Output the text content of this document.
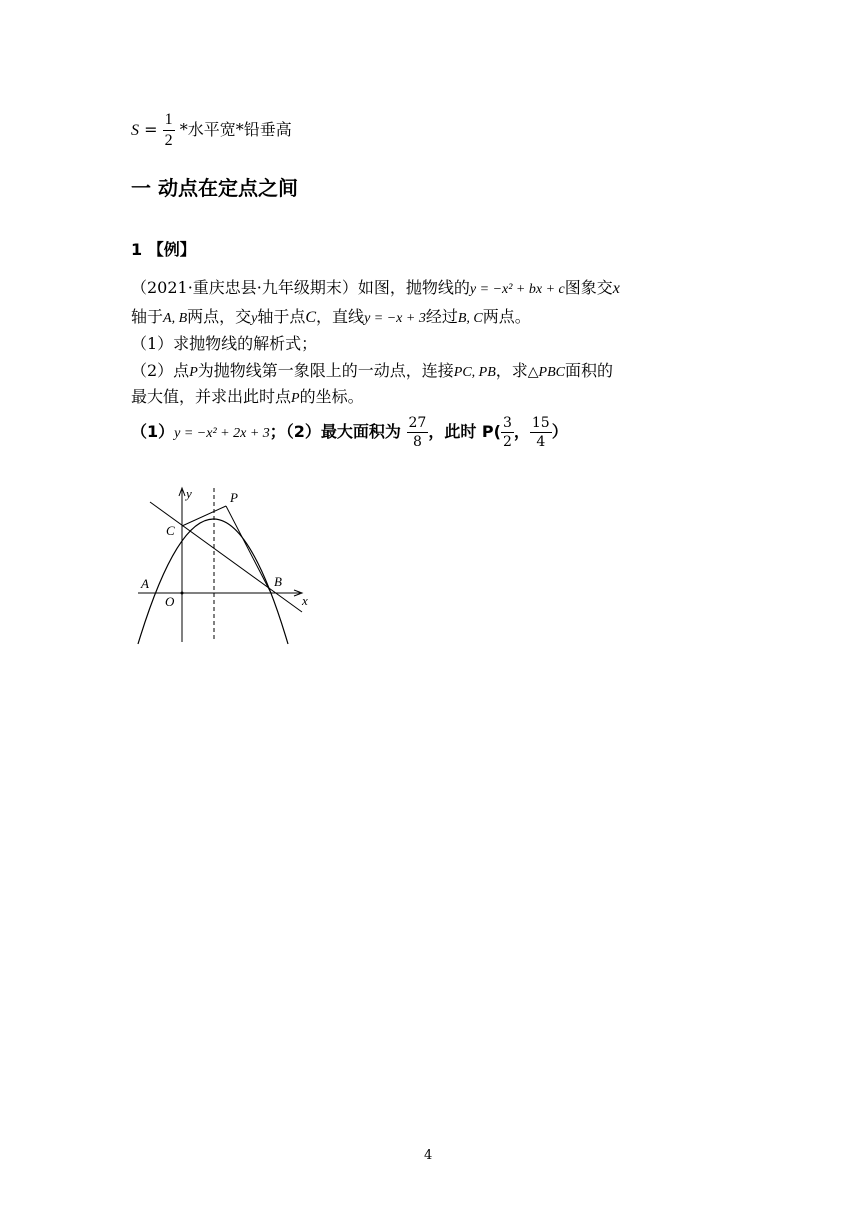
$S = \frac{1}{2}$ *水平宽*铅垂高
一 动点在定点之间
1 【例】
（2021·重庆忠县·九年级期末）如图，抛物线的y = −x² + bx + c图象交x
轴于A, B两点，交y轴于点C，直线y = −x + 3经过B, C两点。
（1）求抛物线的解析式；
（2）点P为抛物线第一象限上的一动点，连接PC, PB，求△PBC面积的
最大值，并求出此时点P的坐标。
（1）y = −x² + 2x + 3；（2）最大面积为 $\frac{27}{8}$ ，此时 $P( \frac{3}{2}$ ， $\frac{15}{4}$ ）
y	P
C
A	B
O	x
4
